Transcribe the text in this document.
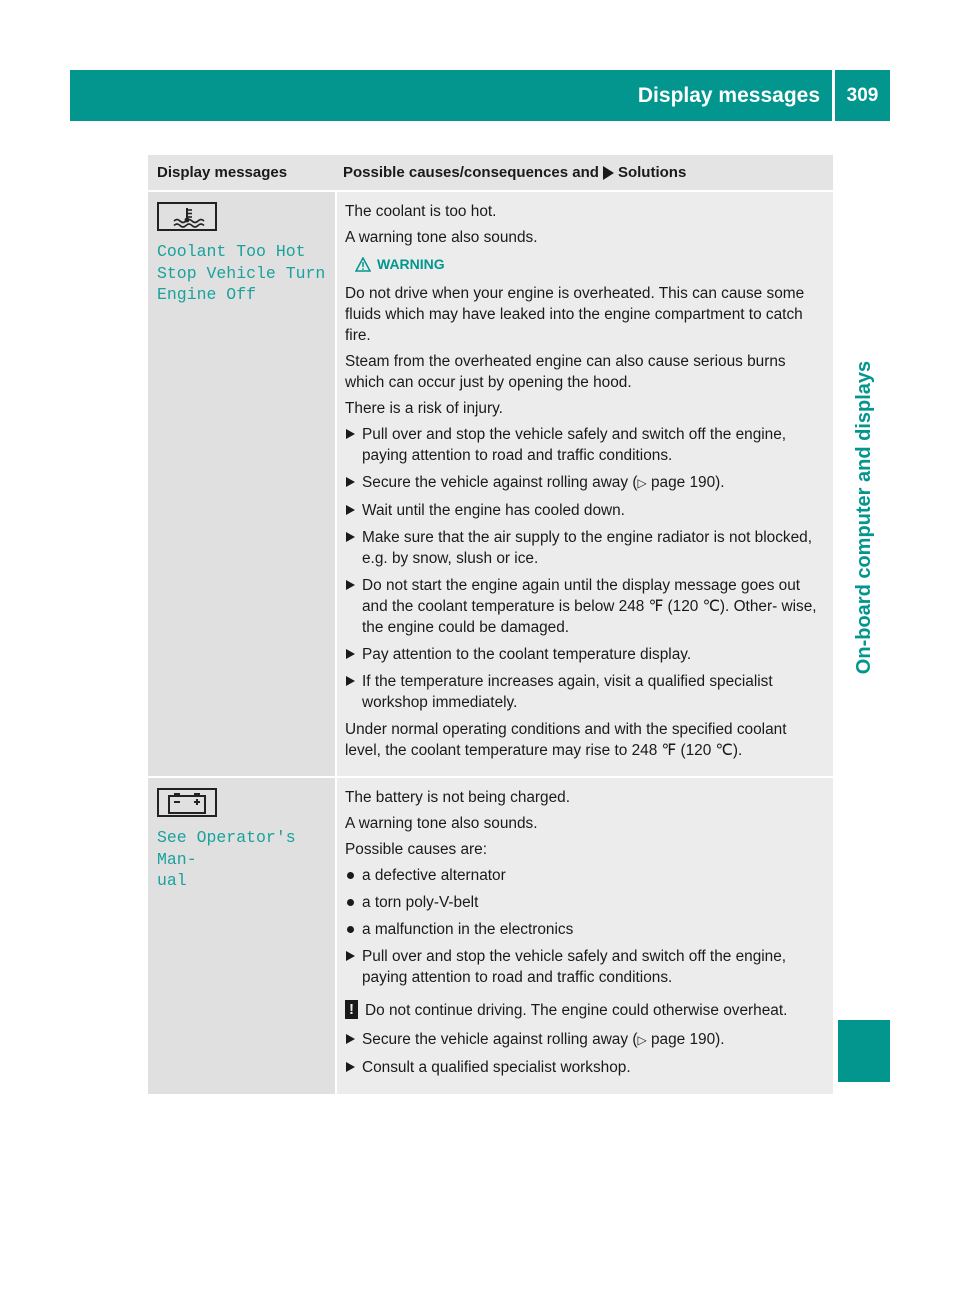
Display messages	309
On-board computer and displays
Display messages	Possible causes/consequences and Solutions
Coolant Too Hot
Stop Vehicle Turn
Engine Off

The coolant is too hot.

A warning tone also sounds.

WARNING

Do not drive when your engine is overheated. This can cause some fluids which may have leaked into the engine compartment to catch fire.

Steam from the overheated engine can also cause serious burns which can occur just by opening the hood.

There is a risk of injury.

Pull over and stop the vehicle safely and switch off the engine, paying attention to road and traffic conditions.
Secure the vehicle against rolling away (▷ page 190).
Wait until the engine has cooled down.
Make sure that the air supply to the engine radiator is not blocked, e.g. by snow, slush or ice.
Do not start the engine again until the display message goes out and the coolant temperature is below 248 ℉ (120 ℃). Other- wise, the engine could be damaged.
Pay attention to the coolant temperature display.
If the temperature increases again, visit a qualified specialist workshop immediately.

Under normal operating conditions and with the specified coolant level, the coolant temperature may rise to 248 ℉ (120 ℃).

See Operator's Man‐
ual

The battery is not being charged.

A warning tone also sounds.

Possible causes are:

a defective alternator
a torn poly-V-belt
a malfunction in the electronics
Pull over and stop the vehicle safely and switch off the engine, paying attention to road and traffic conditions.
! Do not continue driving. The engine could otherwise overheat.
Secure the vehicle against rolling away (▷ page 190).
Consult a qualified specialist workshop.
